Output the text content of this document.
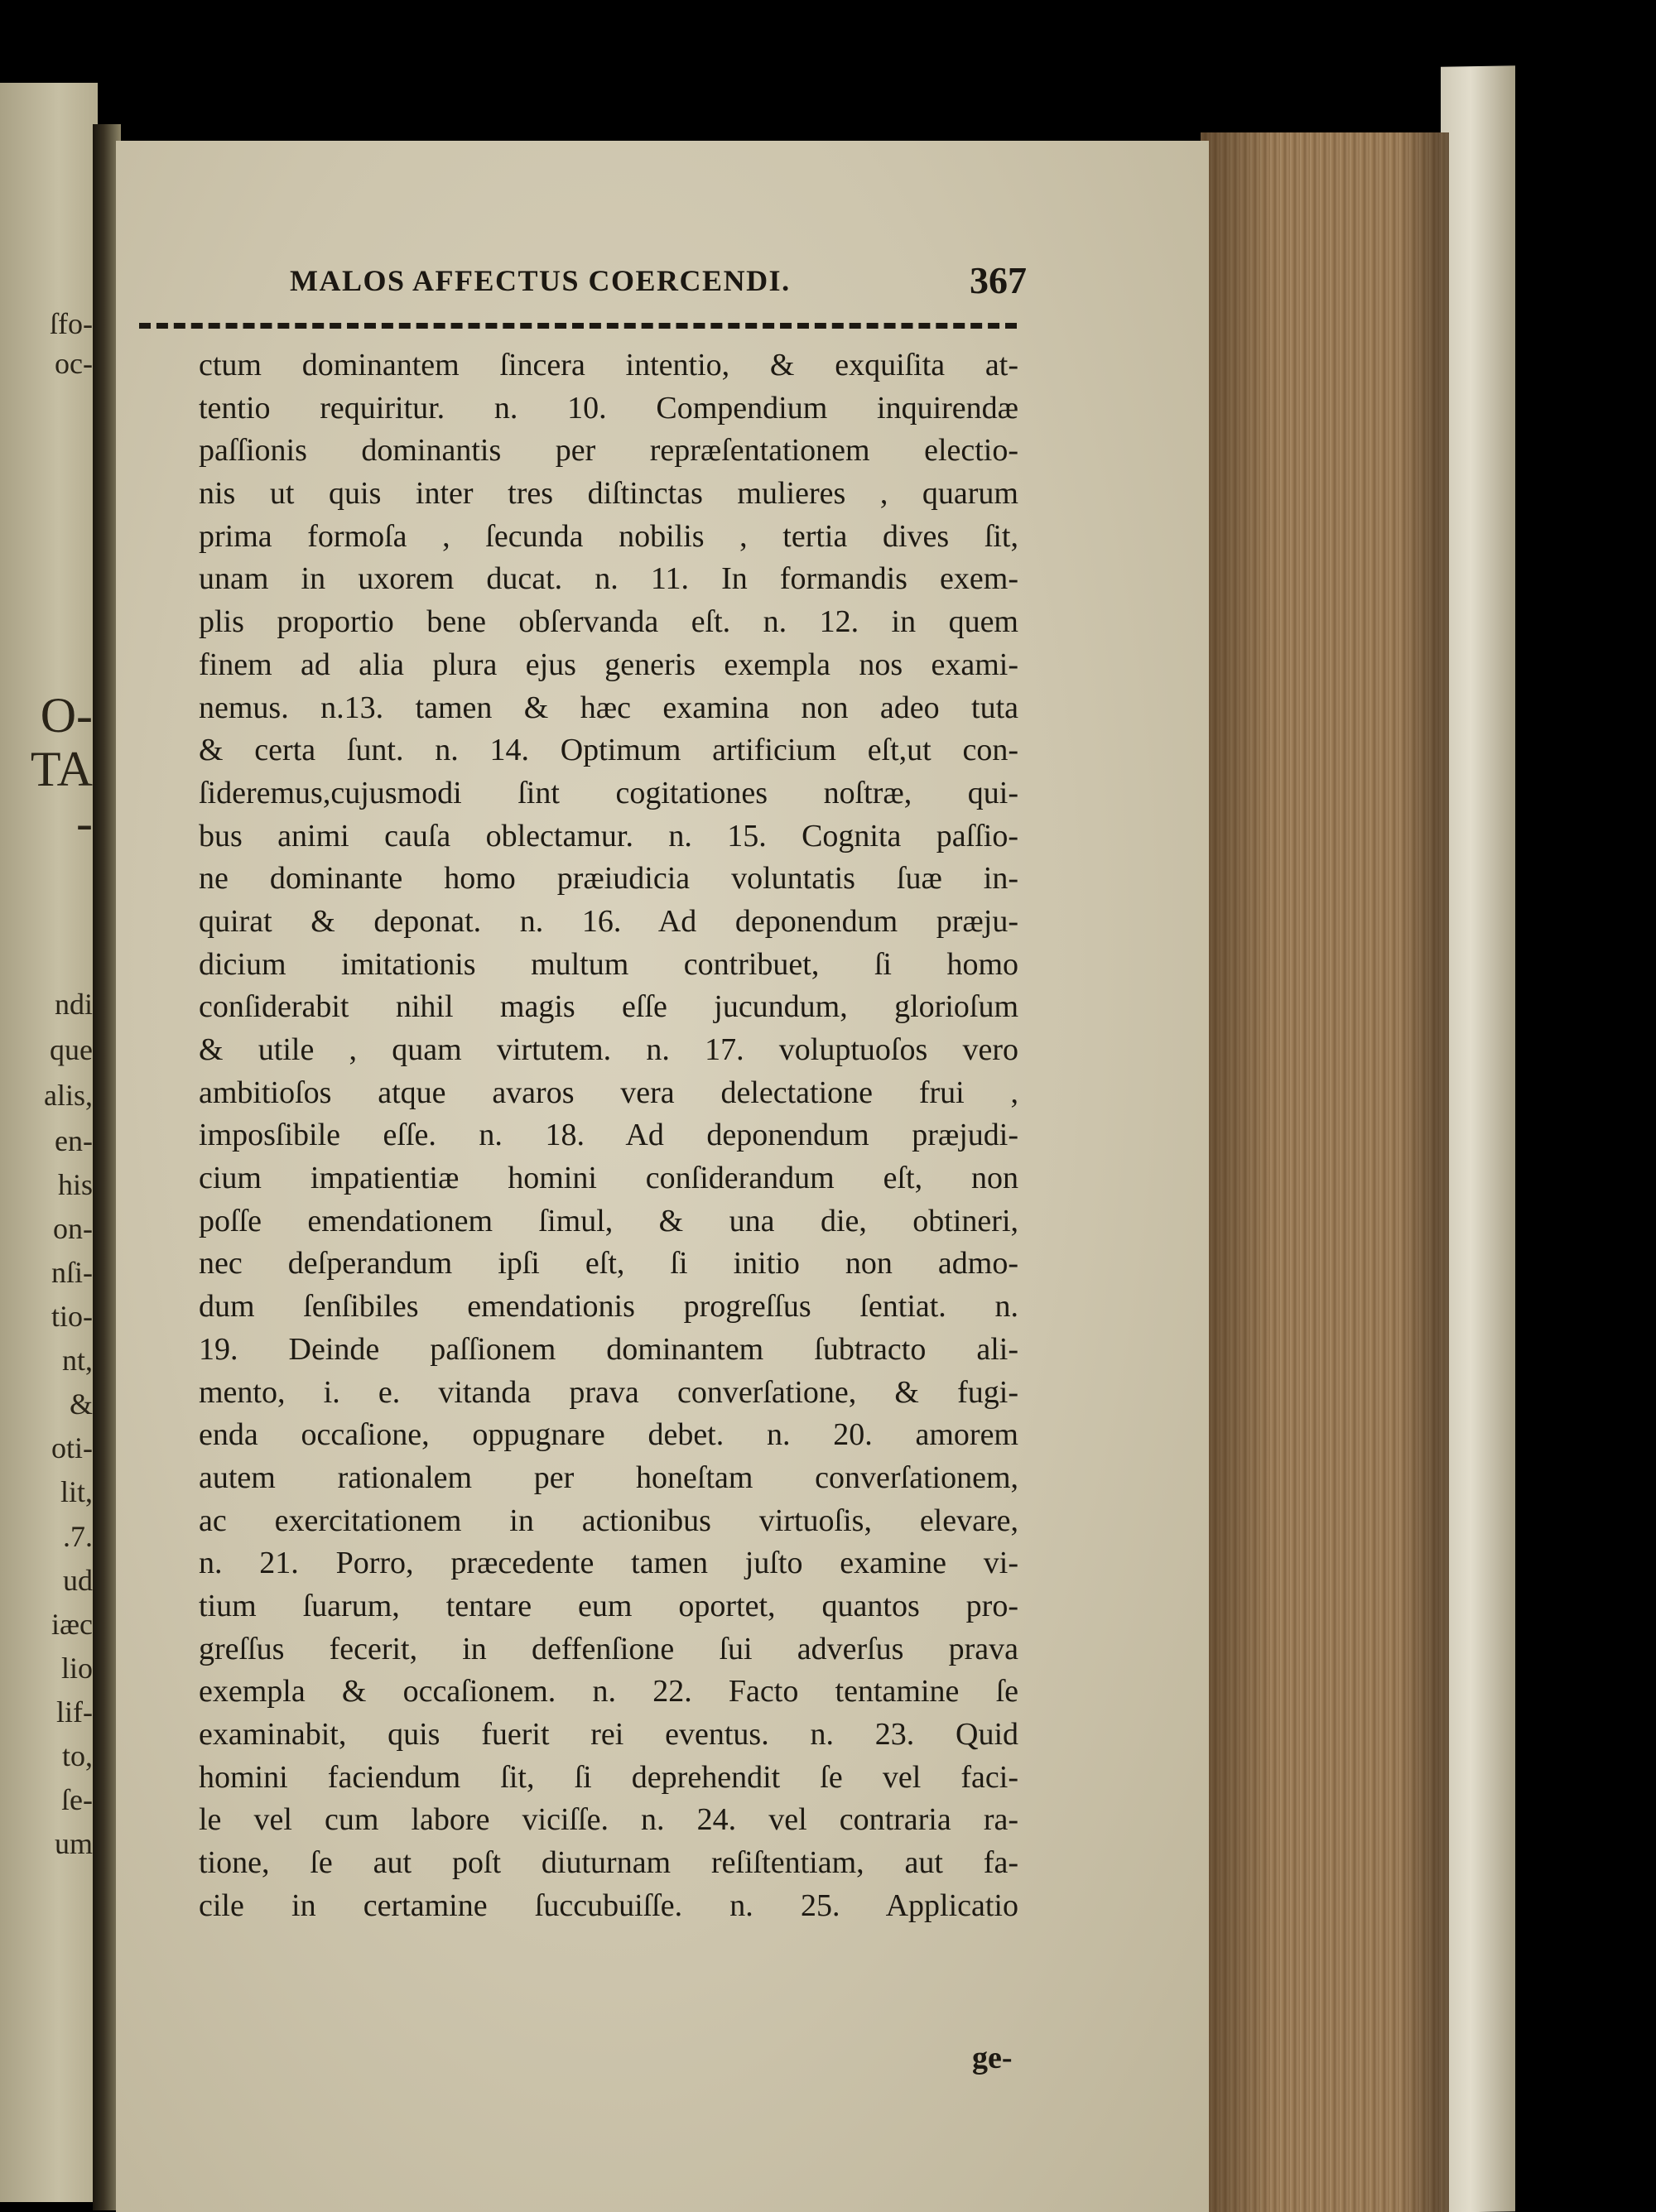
ſfo-
oc-
O-
TA
-
ndi
que
alis,
en-
his
on-
nſi-
tio-
nt,
&
oti-
lit,
.7.
ud
iæc
lio
lif-
to,
ſe-
um
MALOS AFFECTUS COERCENDI.	367
ctum dominantem ſincera intentio, & exquiſita at-
tentio requiritur. n. 10. Compendium inquirendæ
paſſionis dominantis per repræſentationem electio-
nis ut quis inter tres diſtinctas mulieres , quarum
prima formoſa , ſecunda nobilis , tertia dives ſit,
unam in uxorem ducat. n. 11. In formandis exem-
plis proportio bene obſervanda eſt. n. 12. in quem
finem ad alia plura ejus generis exempla nos exami-
nemus. n.13. tamen & hæc examina non adeo tuta
& certa ſunt. n. 14. Optimum artificium eſt,ut con-
ſideremus,cujusmodi ſint cogitationes noſtræ, qui-
bus animi cauſa oblectamur. n. 15. Cognita paſſio-
ne dominante homo præiudicia voluntatis ſuæ in-
quirat & deponat. n. 16. Ad deponendum præju-
dicium imitationis multum contribuet, ſi homo
conſiderabit nihil magis eſſe jucundum, glorioſum
& utile , quam virtutem. n. 17. voluptuoſos vero
ambitioſos atque avaros vera delectatione frui ,
imposſibile eſſe. n. 18. Ad deponendum præjudi-
cium impatientiæ homini conſiderandum eſt, non
poſſe emendationem ſimul, & una die, obtineri,
nec deſperandum ipſi eſt, ſi initio non admo-
dum ſenſibiles emendationis progreſſus ſentiat. n.
19. Deinde paſſionem dominantem ſubtracto ali-
mento, i. e. vitanda prava converſatione, & fugi-
enda occaſione, oppugnare debet. n. 20. amorem
autem rationalem per honeſtam converſationem,
ac exercitationem in actionibus virtuoſis, elevare,
n. 21. Porro, præcedente tamen juſto examine vi-
tium ſuarum, tentare eum oportet, quantos pro-
greſſus fecerit, in deffenſione ſui adverſus prava
exempla & occaſionem. n. 22. Facto tentamine ſe
examinabit, quis fuerit rei eventus. n. 23. Quid
homini faciendum ſit, ſi deprehendit ſe vel faci-
le vel cum labore viciſſe. n. 24. vel contraria ra-
tione, ſe aut poſt diuturnam reſiſtentiam, aut fa-
cile in certamine ſuccubuiſſe. n. 25. Applicatio
ge-
